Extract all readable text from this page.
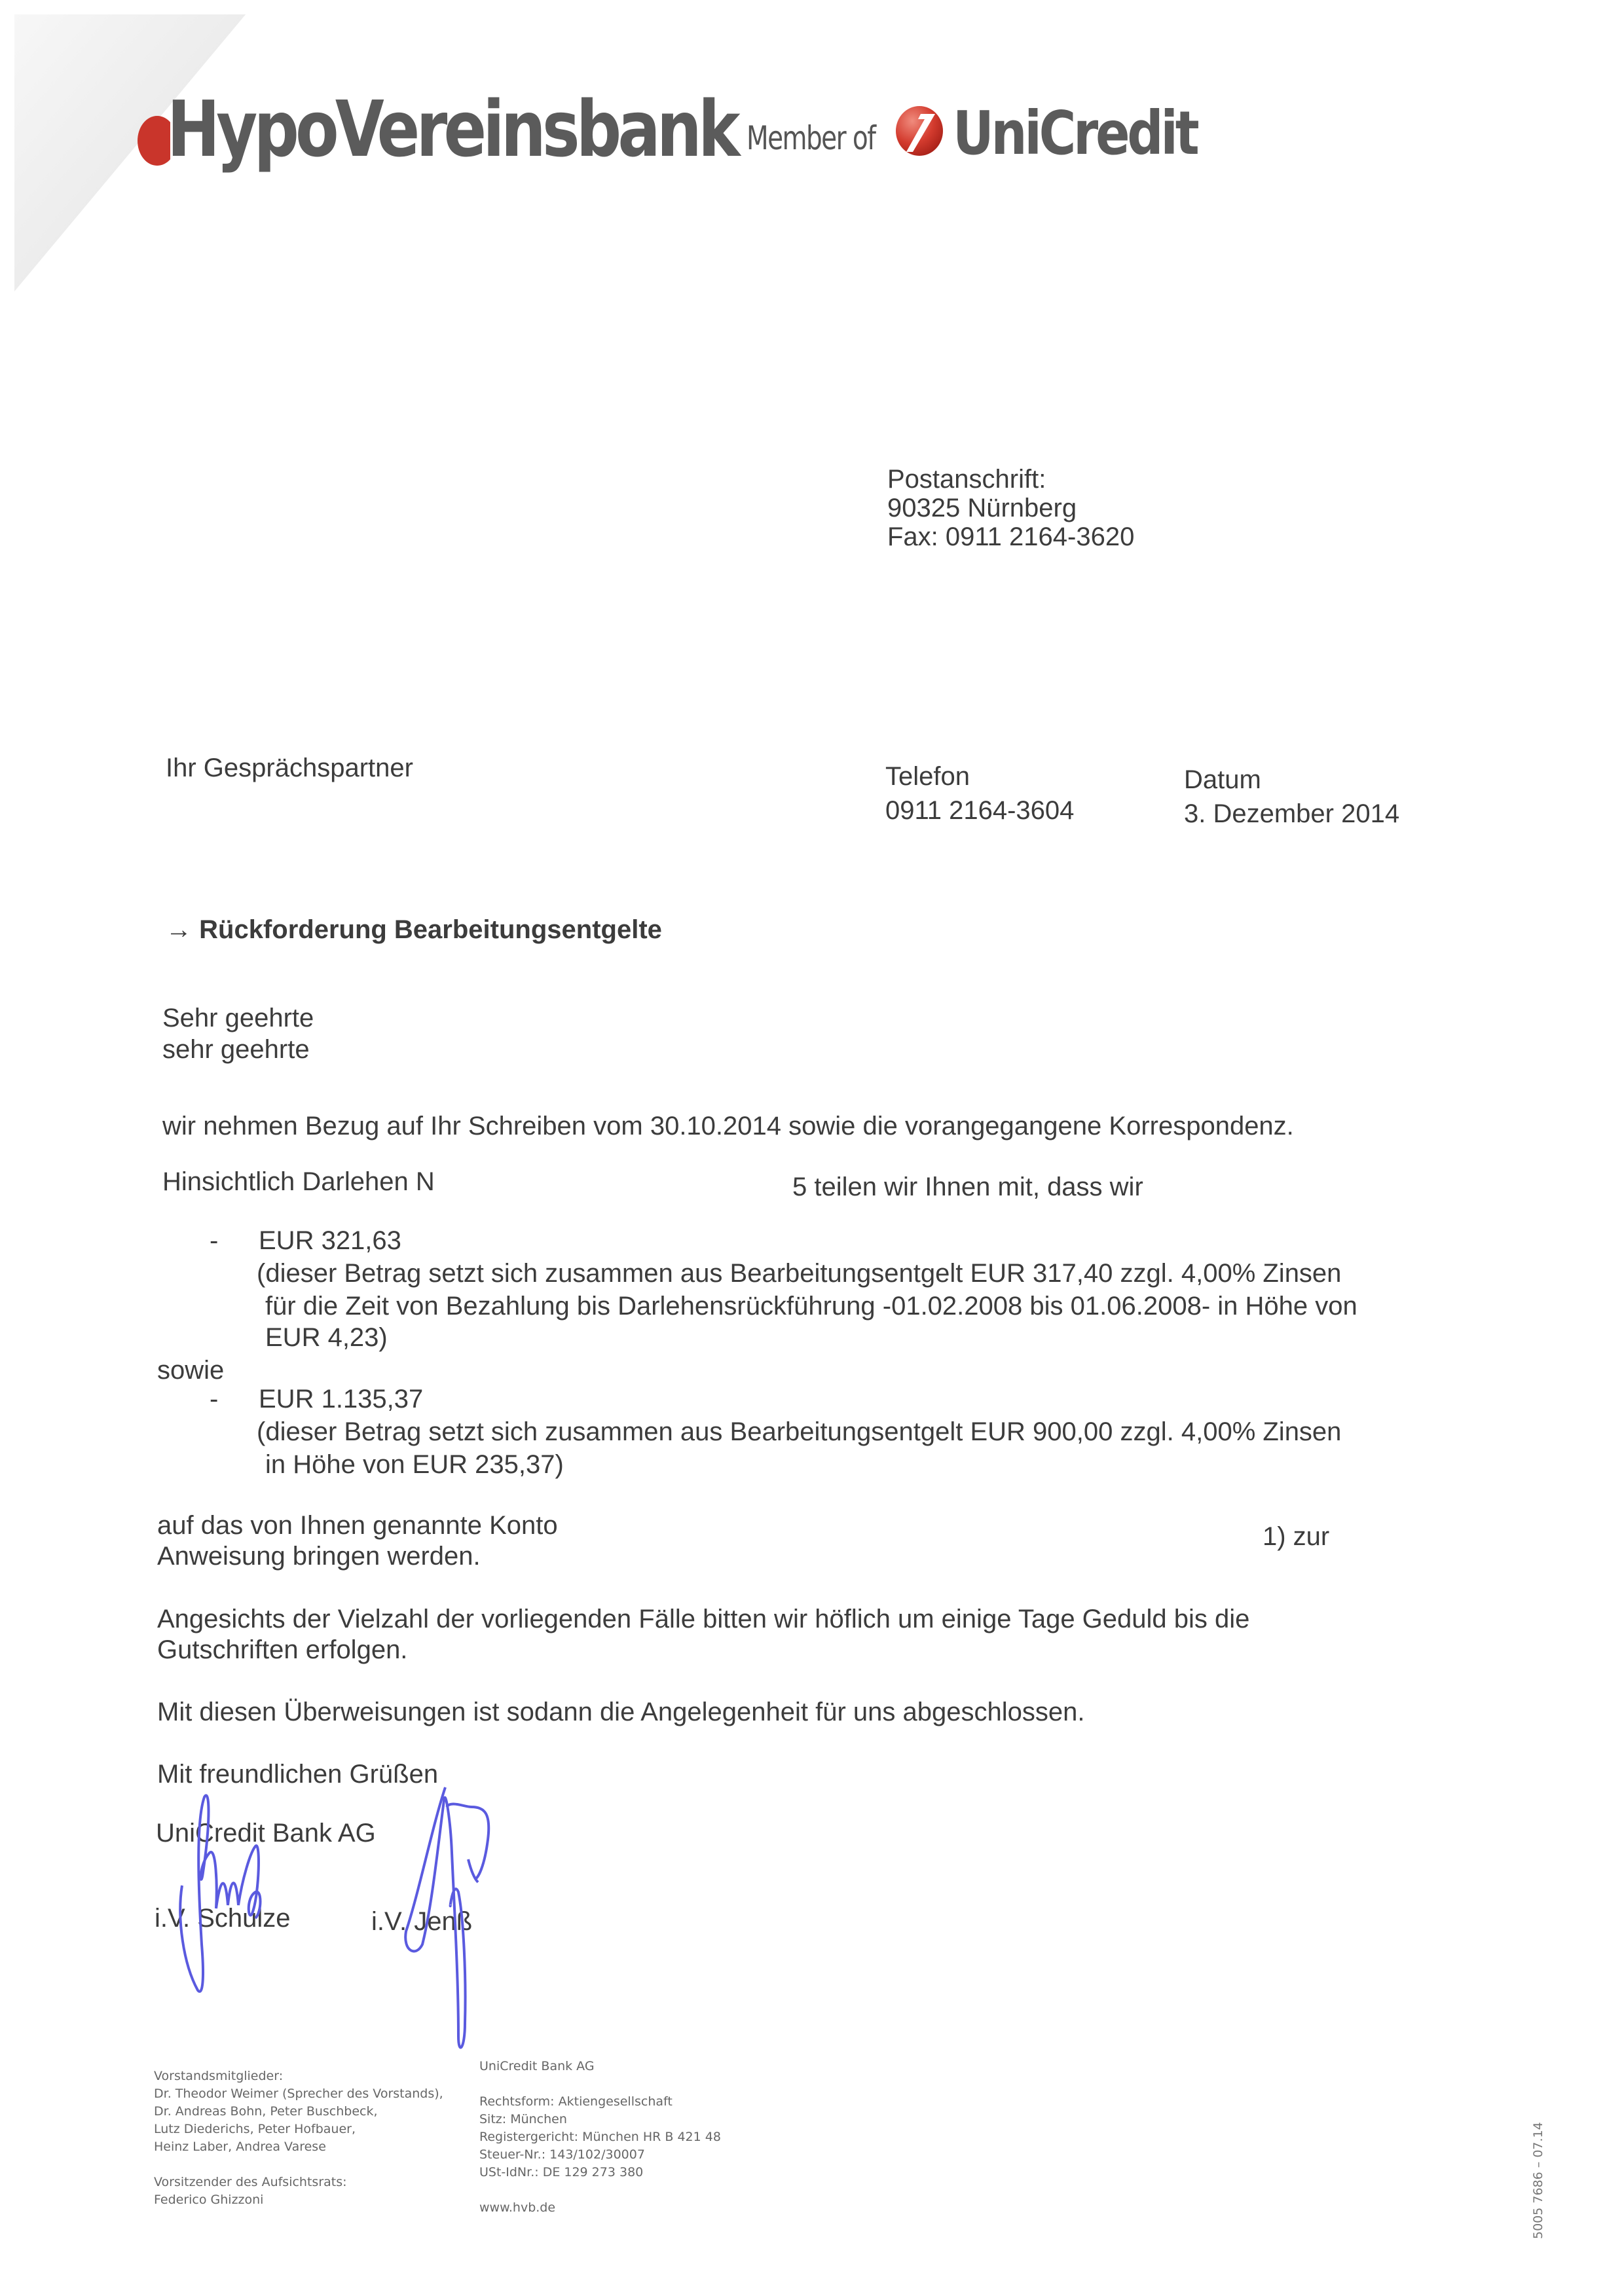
HypoVereinsbank Member of UniCredit
Postanschrift:
90325 Nürnberg
Fax: 0911 2164-3620
Ihr Gesprächspartner	Telefon
0911 2164-3604
Datum
3. Dezember 2014
→ Rückforderung Bearbeitungsentgelte
Sehr geehrte
sehr geehrte
wir nehmen Bezug auf Ihr Schreiben vom 30.10.2014 sowie die vorangegangene Korrespondenz.
Hinsichtlich Darlehen N	5 teilen wir Ihnen mit, dass wir
- EUR 321,63
(dieser Betrag setzt sich zusammen aus Bearbeitungsentgelt EUR 317,40 zzgl. 4,00% Zinsen
für die Zeit von Bezahlung bis Darlehensrückführung -01.02.2008 bis 01.06.2008- in Höhe von
EUR 4,23)
sowie
- EUR 1.135,37
(dieser Betrag setzt sich zusammen aus Bearbeitungsentgelt EUR 900,00 zzgl. 4,00% Zinsen
in Höhe von EUR 235,37)
auf das von Ihnen genannte Konto	1) zur
Anweisung bringen werden.
Angesichts der Vielzahl der vorliegenden Fälle bitten wir höflich um einige Tage Geduld bis die
Gutschriften erfolgen.
Mit diesen Überweisungen ist sodann die Angelegenheit für uns abgeschlossen.
Mit freundlichen Grüßen
UniCredit Bank AG
i.V. Schulze	i.V. Jenß
Vorstandsmitglieder:
Dr. Theodor Weimer (Sprecher des Vorstands),
Dr. Andreas Bohn, Peter Buschbeck,
Lutz Diederichs, Peter Hofbauer,
Heinz Laber, Andrea Varese
Vorsitzender des Aufsichtsrats:
Federico Ghizzoni
UniCredit Bank AG
Rechtsform: Aktiengesellschaft
Sitz: München
Registergericht: München HR B 421 48
Steuer-Nr.: 143/102/30007
USt-IdNr.: DE 129 273 380
www.hvb.de	5005 7686 – 07.14
